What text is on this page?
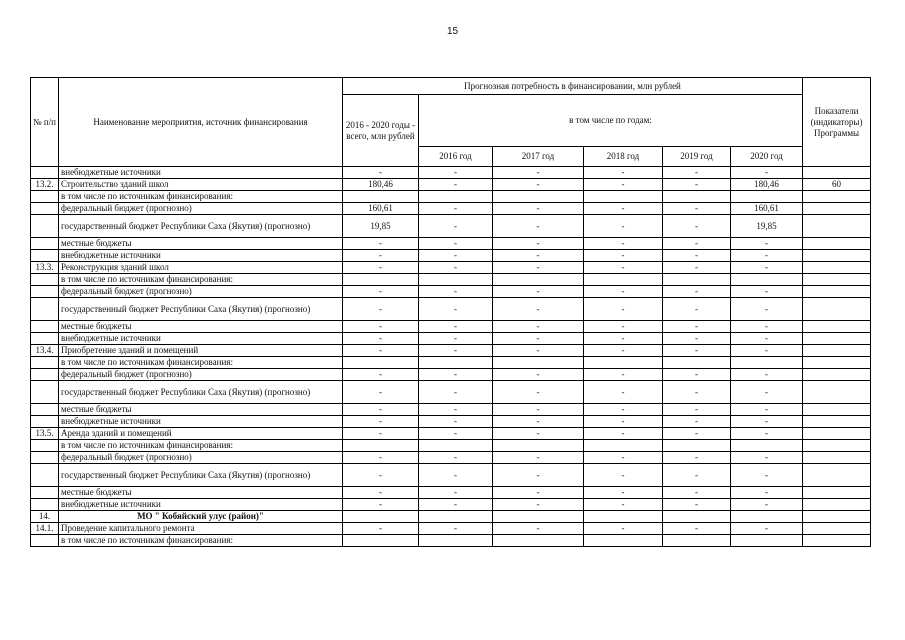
15
№ п/п	Наименование мероприятия, источник финансирования	Прогнозная потребность в финансировании, млн рублей						Показатели (индикаторы) Программы
		2016 - 2020 годы - всего, млн рублей	в том числе по годам:					
			2016 год	2017 год	2018 год	2019 год	2020 год	
	внебюджетные источники	-	-	-	-	-	-	
13.2.	Строительство зданий школ	180,46	-	-	-	-	180,46	60
	в том числе по источникам финансирования:							
	федеральный бюджет (прогнозно)	160,61	-	-	-	-	160,61	
	государственный бюджет Республики Саха (Якутия) (прогнозно)	19,85	-	-	-	-	19,85	
	местные бюджеты	-	-	-	-	-	-	
	внебюджетные источники	-	-	-	-	-	-	
13.3.	Реконструкция зданий школ	-	-	-	-	-	-	
	в том числе по источникам финансирования:							
	федеральный бюджет (прогнозно)	-	-	-	-	-	-	
	государственный бюджет Республики Саха (Якутия) (прогнозно)	-	-	-	-	-	-	
	местные бюджеты	-	-	-	-	-	-	
	внебюджетные источники	-	-	-	-	-	-	
13.4.	Приобретение зданий и помещений	-	-	-	-	-	-	
	в том числе по источникам финансирования:							
	федеральный бюджет (прогнозно)	-	-	-	-	-	-	
	государственный бюджет Республики Саха (Якутия) (прогнозно)	-	-	-	-	-	-	
	местные бюджеты	-	-	-	-	-	-	
	внебюджетные источники	-	-	-	-	-	-	
13.5.	Аренда зданий и помещений	-	-	-	-	-	-	
	в том числе по источникам финансирования:							
	федеральный бюджет (прогнозно)	-	-	-	-	-	-	
	государственный бюджет Республики Саха (Якутия) (прогнозно)	-	-	-	-	-	-	
	местные бюджеты	-	-	-	-	-	-	
	внебюджетные источники	-	-	-	-	-	-	
14.	МО " Кобяйский улус (район)"							
14.1.	Проведение капитального ремонта	-	-	-	-	-	-	
	в том числе по источникам финансирования:							
